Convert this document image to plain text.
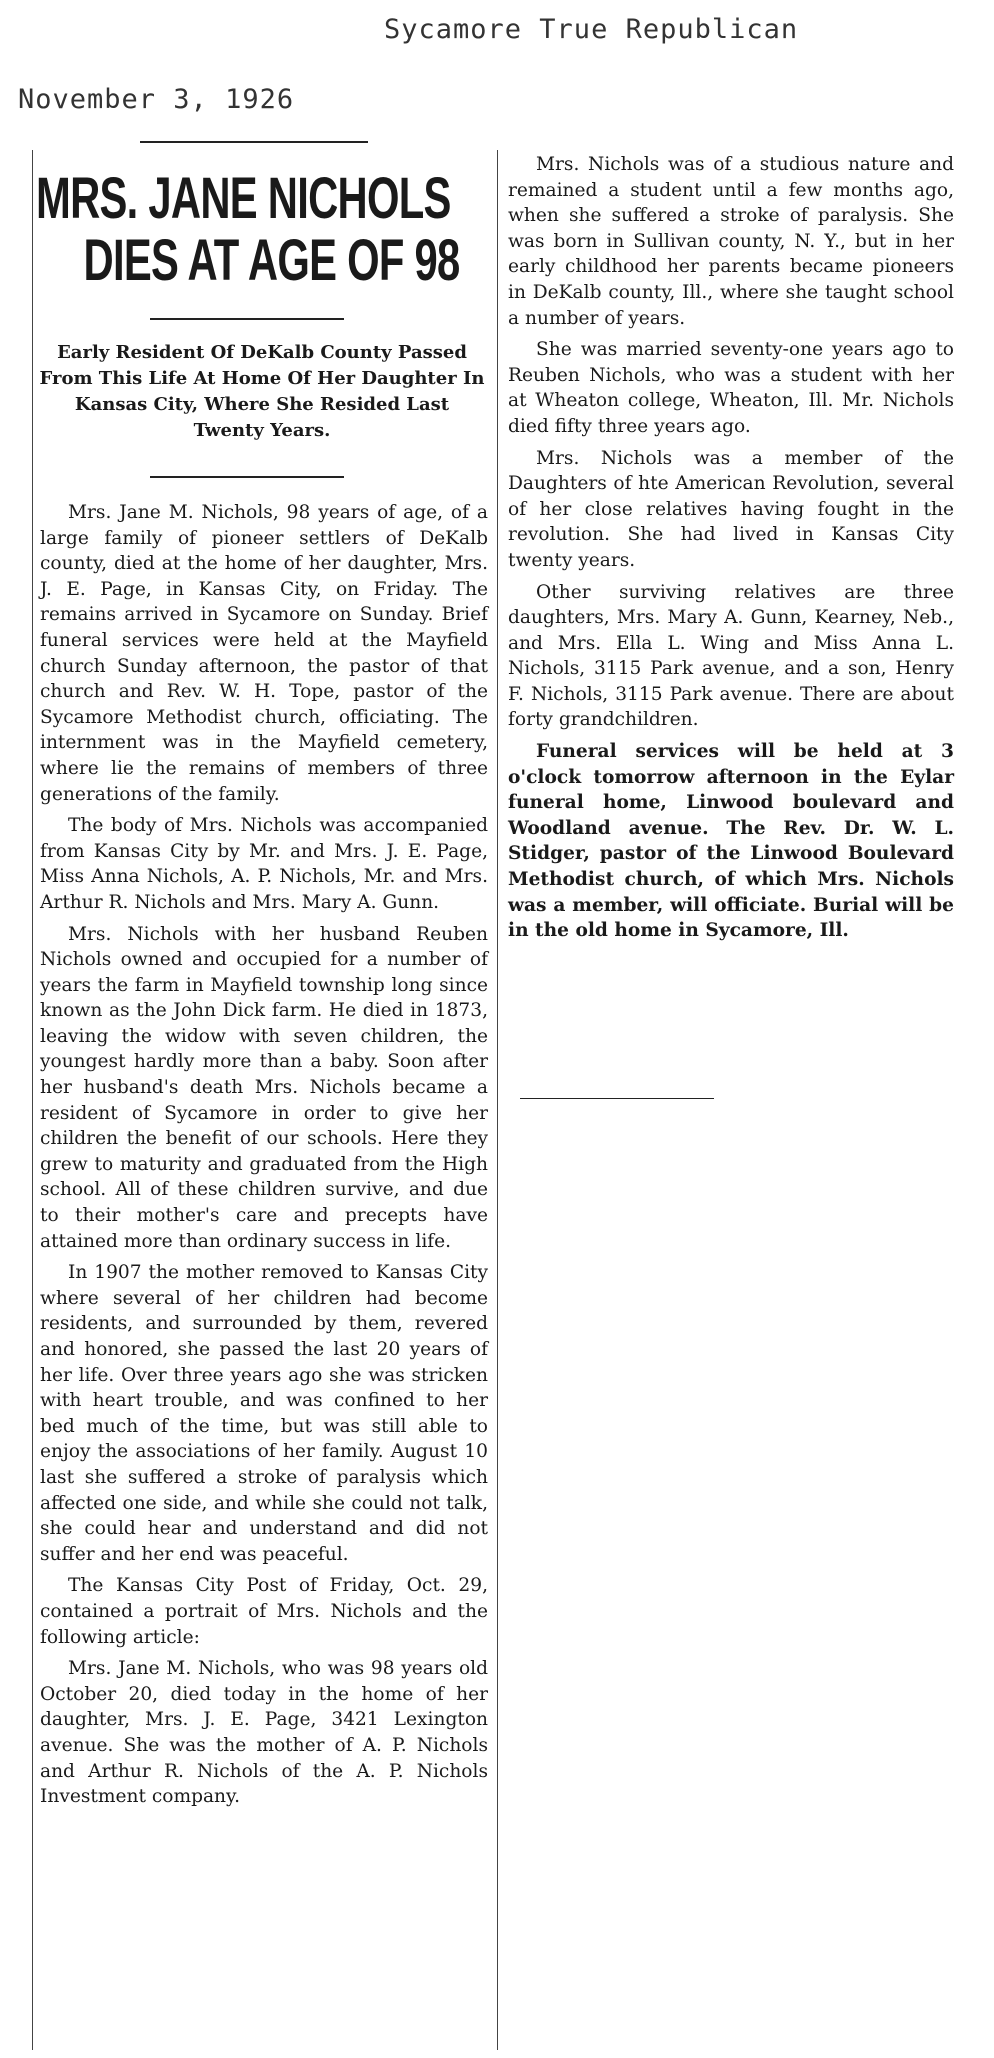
Sycamore True Republican
November 3, 1926
MRS. JANE NICHOLS
DIES AT AGE OF 98
Early Resident Of DeKalb County Passed From This Life At Home Of Her Daughter In Kansas City, Where She Resided Last Twenty Years.

Mrs. Jane M. Nichols, 98 years of age, of a large family of pioneer settlers of DeKalb county, died at the home of her daughter, Mrs. J. E. Page, in Kansas City, on Friday. The remains arrived in Sycamore on Sunday. Brief funeral services were held at the Mayfield church Sunday afternoon, the pastor of that church and Rev. W. H. Tope, pastor of the Sycamore Methodist church, officiating. The internment was in the Mayfield cemetery, where lie the remains of members of three generations of the family.

The body of Mrs. Nichols was accompanied from Kansas City by Mr. and Mrs. J. E. Page, Miss Anna Nichols, A. P. Nichols, Mr. and Mrs. Arthur R. Nichols and Mrs. Mary A. Gunn.

Mrs. Nichols with her husband Reuben Nichols owned and occupied for a number of years the farm in Mayfield township long since known as the John Dick farm. He died in 1873, leaving the widow with seven children, the youngest hardly more than a baby. Soon after her husband's death Mrs. Nichols became a resident of Sycamore in order to give her children the benefit of our schools. Here they grew to maturity and graduated from the High school. All of these children survive, and due to their mother's care and precepts have attained more than ordinary success in life.

In 1907 the mother removed to Kansas City where several of her children had become residents, and surrounded by them, revered and honored, she passed the last 20 years of her life. Over three years ago she was stricken with heart trouble, and was confined to her bed much of the time, but was still able to enjoy the associations of her family. August 10 last she suffered a stroke of paralysis which affected one side, and while she could not talk, she could hear and understand and did not suffer and her end was peaceful.

The Kansas City Post of Friday, Oct. 29, contained a portrait of Mrs. Nichols and the following article:

Mrs. Jane M. Nichols, who was 98 years old October 20, died today in the home of her daughter, Mrs. J. E. Page, 3421 Lexington avenue. She was the mother of A. P. Nichols and Arthur R. Nichols of the A. P. Nichols Investment company.

Mrs. Nichols was of a studious nature and remained a student until a few months ago, when she suffered a stroke of paralysis. She was born in Sullivan county, N. Y., but in her early childhood her parents became pioneers in DeKalb county, Ill., where she taught school a number of years.

She was married seventy-one years ago to Reuben Nichols, who was a student with her at Wheaton college, Wheaton, Ill. Mr. Nichols died fifty three years ago.

Mrs. Nichols was a member of the Daughters of hte American Revolution, several of her close relatives having fought in the revolution. She had lived in Kansas City twenty years.

Other surviving relatives are three daughters, Mrs. Mary A. Gunn, Kearney, Neb., and Mrs. Ella L. Wing and Miss Anna L. Nichols, 3115 Park avenue, and a son, Henry F. Nichols, 3115 Park avenue. There are about forty grandchildren.

Funeral services will be held at 3 o'clock tomorrow afternoon in the Eylar funeral home, Linwood boulevard and Woodland avenue. The Rev. Dr. W. L. Stidger, pastor of the Linwood Boulevard Methodist church, of which Mrs. Nichols was a member, will officiate. Burial will be in the old home in Sycamore, Ill.
